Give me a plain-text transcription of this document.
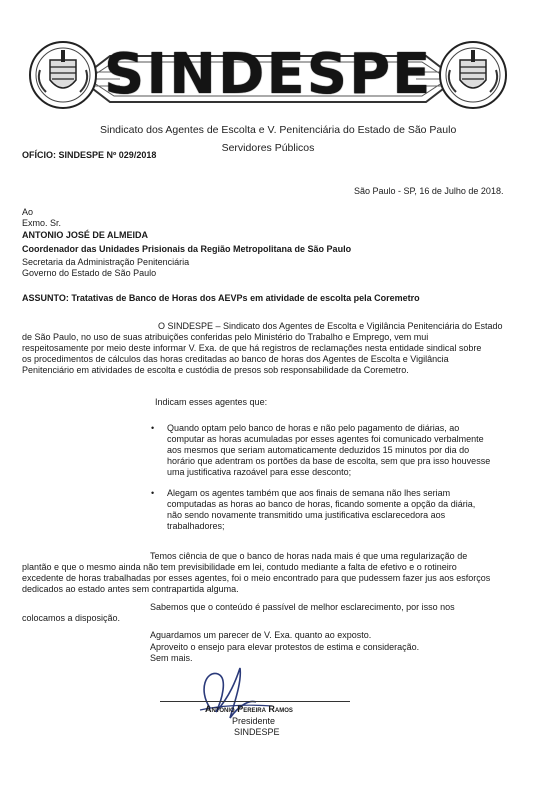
SINDESPE
Sindicato dos Agentes de Escolta e V. Penitenciária do Estado de São Paulo
Servidores Públicos
OFÍCIO: SINDESPE Nº 029/2018
São Paulo - SP, 16 de Julho de 2018.
Ao
Exmo. Sr.
ANTONIO JOSÉ DE ALMEIDA
Coordenador das Unidades Prisionais da Região Metropolitana de São Paulo
Secretaria da Administração Penitenciária
Governo do Estado de São Paulo
ASSUNTO: Tratativas de Banco de Horas dos AEVPs em atividade de escolta pela Coremetro
O SINDESPE – Sindicato dos Agentes de Escolta e Vigilância Penitenciária do Estado
de São Paulo, no uso de suas atribuições conferidas pelo Ministério do Trabalho e Emprego, vem mui
respeitosamente por meio deste informar V. Exa. de que há registros de reclamações nesta entidade sindical sobre
os procedimentos de cálculos das horas creditadas ao banco de horas dos Agentes de Escolta e Vigilância
Penitenciário em atividades de escolta e custódia de presos sob responsabilidade da Coremetro.
Indicam esses agentes que:
• Quando optam pelo banco de horas e não pelo pagamento de diárias, ao
computar as horas acumuladas por esses agentes foi comunicado verbalmente
aos mesmos que seriam automaticamente deduzidos 15 minutos por dia do
horário que adentram os portões da base de escolta, sem que pra isso houvesse
uma justificativa razoável para esse desconto;
• Alegam os agentes também que aos finais de semana não lhes seriam
computadas as horas ao banco de horas, ficando somente a opção da diária,
não sendo novamente transmitido uma justificativa esclarecedora aos
trabalhadores;
Temos ciência de que o banco de horas nada mais é que uma regularização de
plantão e que o mesmo ainda não tem previsibilidade em lei, contudo mediante a falta de efetivo e o rotineiro
excedente de horas trabalhadas por esses agentes, foi o meio encontrado para que pudessem fazer jus aos esforços
dedicados ao estado antes sem contrapartida alguma.
Sabemos que o conteúdo é passível de melhor esclarecimento, por isso nos
colocamos a disposição.
Aguardamos um parecer de V. Exa. quanto ao exposto.
Aproveito o ensejo para elevar protestos de estima e consideração.
Sem mais.
Antonio Pereira Ramos
Presidente
SINDESPE
